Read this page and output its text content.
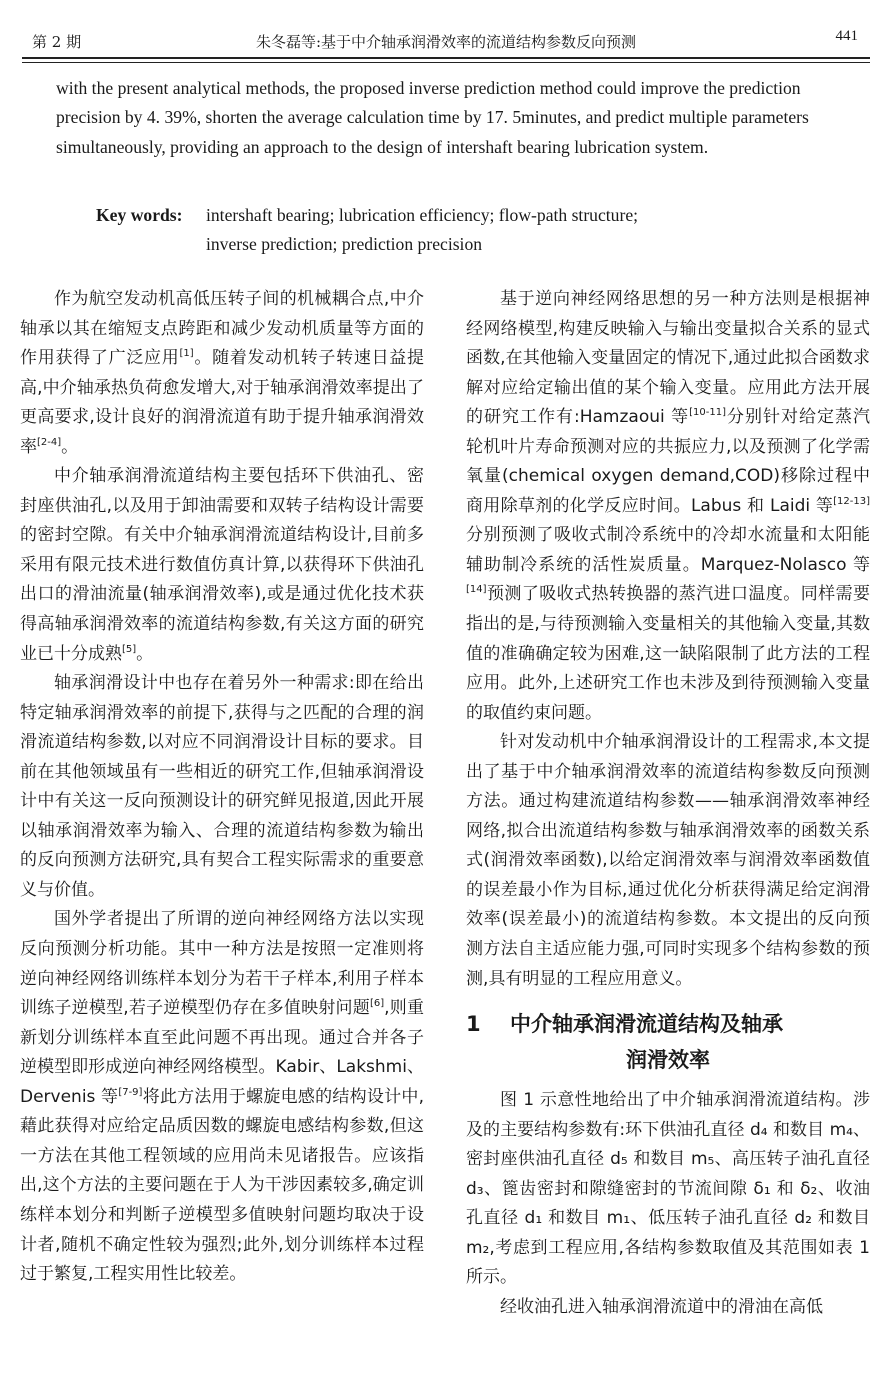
第 2 期	朱冬磊等:基于中介轴承润滑效率的流道结构参数反向预测	441

with the present analytical methods, the proposed inverse prediction method could improve the prediction precision by 4. 39%, shorten the average calculation time by 17. 5minutes, and predict multiple parameters simultaneously, providing an approach to the design of intershaft bearing lubrication system.

Key words: intershaft bearing; lubrication efficiency; flow-path structure;
inverse prediction; prediction precision

作为航空发动机高低压转子间的机械耦合点,中介轴承以其在缩短支点跨距和减少发动机质量等方面的作用获得了广泛应用[1]。随着发动机转子转速日益提高,中介轴承热负荷愈发增大,对于轴承润滑效率提出了更高要求,设计良好的润滑流道有助于提升轴承润滑效率[2-4]。

中介轴承润滑流道结构主要包括环下供油孔、密封座供油孔,以及用于卸油需要和双转子结构设计需要的密封空隙。有关中介轴承润滑流道结构设计,目前多采用有限元技术进行数值仿真计算,以获得环下供油孔出口的滑油流量(轴承润滑效率),或是通过优化技术获得高轴承润滑效率的流道结构参数,有关这方面的研究业已十分成熟[5]。

轴承润滑设计中也存在着另外一种需求:即在给出特定轴承润滑效率的前提下,获得与之匹配的合理的润滑流道结构参数,以对应不同润滑设计目标的要求。目前在其他领域虽有一些相近的研究工作,但轴承润滑设计中有关这一反向预测设计的研究鲜见报道,因此开展以轴承润滑效率为输入、合理的流道结构参数为输出的反向预测方法研究,具有契合工程实际需求的重要意义与价值。

国外学者提出了所谓的逆向神经网络方法以实现反向预测分析功能。其中一种方法是按照一定准则将逆向神经网络训练样本划分为若干子样本,利用子样本训练子逆模型,若子逆模型仍存在多值映射问题[6],则重新划分训练样本直至此问题不再出现。通过合并各子逆模型即形成逆向神经网络模型。Kabir、Lakshmi、Dervenis 等[7-9]将此方法用于螺旋电感的结构设计中,藉此获得对应给定品质因数的螺旋电感结构参数,但这一方法在其他工程领域的应用尚未见诸报告。应该指出,这个方法的主要问题在于人为干涉因素较多,确定训练样本划分和判断子逆模型多值映射问题均取决于设计者,随机不确定性较为强烈;此外,划分训练样本过程过于繁复,工程实用性比较差。

基于逆向神经网络思想的另一种方法则是根据神经网络模型,构建反映输入与输出变量拟合关系的显式函数,在其他输入变量固定的情况下,通过此拟合函数求解对应给定输出值的某个输入变量。应用此方法开展的研究工作有:Hamzaoui 等[10-11]分别针对给定蒸汽轮机叶片寿命预测对应的共振应力,以及预测了化学需氧量(chemical oxygen demand,COD)移除过程中商用除草剂的化学反应时间。Labus 和 Laidi 等[12-13]分别预测了吸收式制冷系统中的冷却水流量和太阳能辅助制冷系统的活性炭质量。Marquez-Nolasco 等[14]预测了吸收式热转换器的蒸汽进口温度。同样需要指出的是,与待预测输入变量相关的其他输入变量,其数值的准确确定较为困难,这一缺陷限制了此方法的工程应用。此外,上述研究工作也未涉及到待预测输入变量的取值约束问题。

针对发动机中介轴承润滑设计的工程需求,本文提出了基于中介轴承润滑效率的流道结构参数反向预测方法。通过构建流道结构参数——轴承润滑效率神经网络,拟合出流道结构参数与轴承润滑效率的函数关系式(润滑效率函数),以给定润滑效率与润滑效率函数值的误差最小作为目标,通过优化分析获得满足给定润滑效率(误差最小)的流道结构参数。本文提出的反向预测方法自主适应能力强,可同时实现多个结构参数的预测,具有明显的工程应用意义。

1 中介轴承润滑流道结构及轴承
润滑效率

图 1 示意性地给出了中介轴承润滑流道结构。涉及的主要结构参数有:环下供油孔直径 d₄ 和数目 m₄、密封座供油孔直径 d₅ 和数目 m₅、高压转子油孔直径 d₃、篦齿密封和隙缝密封的节流间隙 δ₁ 和 δ₂、收油孔直径 d₁ 和数目 m₁、低压转子油孔直径 d₂ 和数目 m₂,考虑到工程应用,各结构参数取值及其范围如表 1 所示。

经收油孔进入轴承润滑流道中的滑油在高低
